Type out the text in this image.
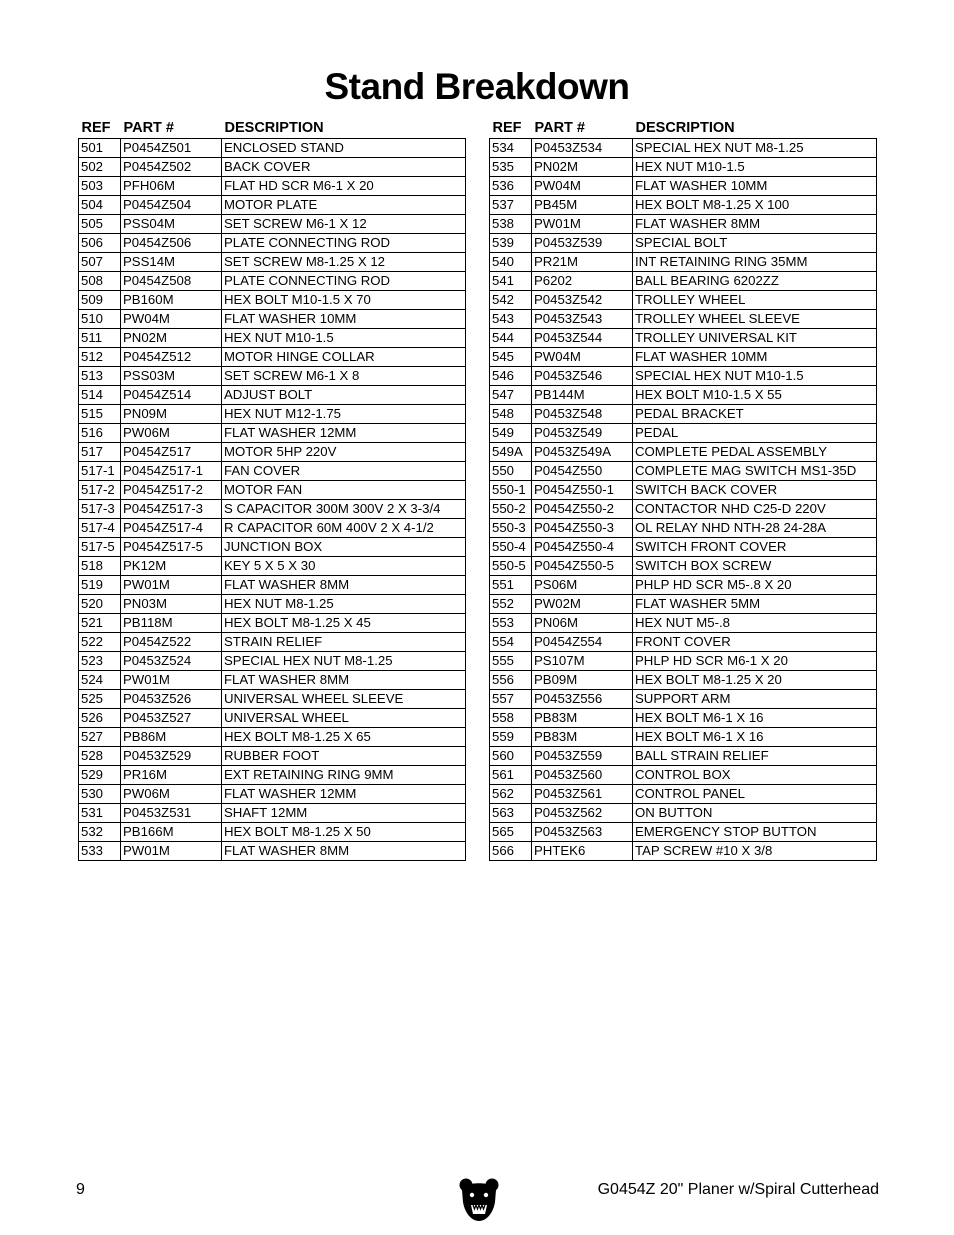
Stand Breakdown
REF	PART #	DESCRIPTION
501	P0454Z501	ENCLOSED STAND
502	P0454Z502	BACK COVER
503	PFH06M	FLAT HD SCR M6-1 X 20
504	P0454Z504	MOTOR PLATE
505	PSS04M	SET SCREW M6-1 X 12
506	P0454Z506	PLATE CONNECTING ROD
507	PSS14M	SET SCREW M8-1.25 X 12
508	P0454Z508	PLATE CONNECTING ROD
509	PB160M	HEX BOLT M10-1.5 X 70
510	PW04M	FLAT WASHER 10MM
511	PN02M	HEX NUT M10-1.5
512	P0454Z512	MOTOR HINGE COLLAR
513	PSS03M	SET SCREW M6-1 X 8
514	P0454Z514	ADJUST BOLT
515	PN09M	HEX NUT M12-1.75
516	PW06M	FLAT WASHER 12MM
517	P0454Z517	MOTOR 5HP 220V
517-1	P0454Z517-1	FAN COVER
517-2	P0454Z517-2	MOTOR FAN
517-3	P0454Z517-3	S CAPACITOR 300M 300V 2 X 3-3/4
517-4	P0454Z517-4	R CAPACITOR 60M 400V 2 X 4-1/2
517-5	P0454Z517-5	JUNCTION BOX
518	PK12M	KEY 5 X 5 X 30
519	PW01M	FLAT WASHER 8MM
520	PN03M	HEX NUT M8-1.25
521	PB118M	HEX BOLT M8-1.25 X 45
522	P0454Z522	STRAIN RELIEF
523	P0453Z524	SPECIAL HEX NUT M8-1.25
524	PW01M	FLAT WASHER 8MM
525	P0453Z526	UNIVERSAL WHEEL SLEEVE
526	P0453Z527	UNIVERSAL WHEEL
527	PB86M	HEX BOLT M8-1.25 X 65
528	P0453Z529	RUBBER FOOT
529	PR16M	EXT RETAINING RING 9MM
530	PW06M	FLAT WASHER 12MM
531	P0453Z531	SHAFT 12MM
532	PB166M	HEX BOLT M8-1.25 X 50
533	PW01M	FLAT WASHER 8MM
REF	PART #	DESCRIPTION
534	P0453Z534	SPECIAL HEX NUT M8-1.25
535	PN02M	HEX NUT M10-1.5
536	PW04M	FLAT WASHER 10MM
537	PB45M	HEX BOLT M8-1.25 X 100
538	PW01M	FLAT WASHER 8MM
539	P0453Z539	SPECIAL BOLT
540	PR21M	INT RETAINING RING 35MM
541	P6202	BALL BEARING 6202ZZ
542	P0453Z542	TROLLEY WHEEL
543	P0453Z543	TROLLEY WHEEL SLEEVE
544	P0453Z544	TROLLEY UNIVERSAL KIT
545	PW04M	FLAT WASHER 10MM
546	P0453Z546	SPECIAL HEX NUT M10-1.5
547	PB144M	HEX BOLT M10-1.5 X 55
548	P0453Z548	PEDAL BRACKET
549	P0453Z549	PEDAL
549A	P0453Z549A	COMPLETE PEDAL ASSEMBLY
550	P0454Z550	COMPLETE MAG SWITCH MS1-35D
550-1	P0454Z550-1	SWITCH BACK COVER
550-2	P0454Z550-2	CONTACTOR NHD C25-D 220V
550-3	P0454Z550-3	OL RELAY NHD NTH-28 24-28A
550-4	P0454Z550-4	SWITCH FRONT COVER
550-5	P0454Z550-5	SWITCH BOX SCREW
551	PS06M	PHLP HD SCR M5-.8 X 20
552	PW02M	FLAT WASHER 5MM
553	PN06M	HEX NUT M5-.8
554	P0454Z554	FRONT COVER
555	PS107M	PHLP HD SCR M6-1 X 20
556	PB09M	HEX BOLT M8-1.25 X 20
557	P0453Z556	SUPPORT ARM
558	PB83M	HEX BOLT M6-1 X 16
559	PB83M	HEX BOLT M6-1 X 16
560	P0453Z559	BALL STRAIN RELIEF
561	P0453Z560	CONTROL BOX
562	P0453Z561	CONTROL PANEL
563	P0453Z562	ON BUTTON
565	P0453Z563	EMERGENCY STOP BUTTON
566	PHTEK6	TAP SCREW #10 X 3/8
9	G0454Z 20" Planer w/Spiral Cutterhead
